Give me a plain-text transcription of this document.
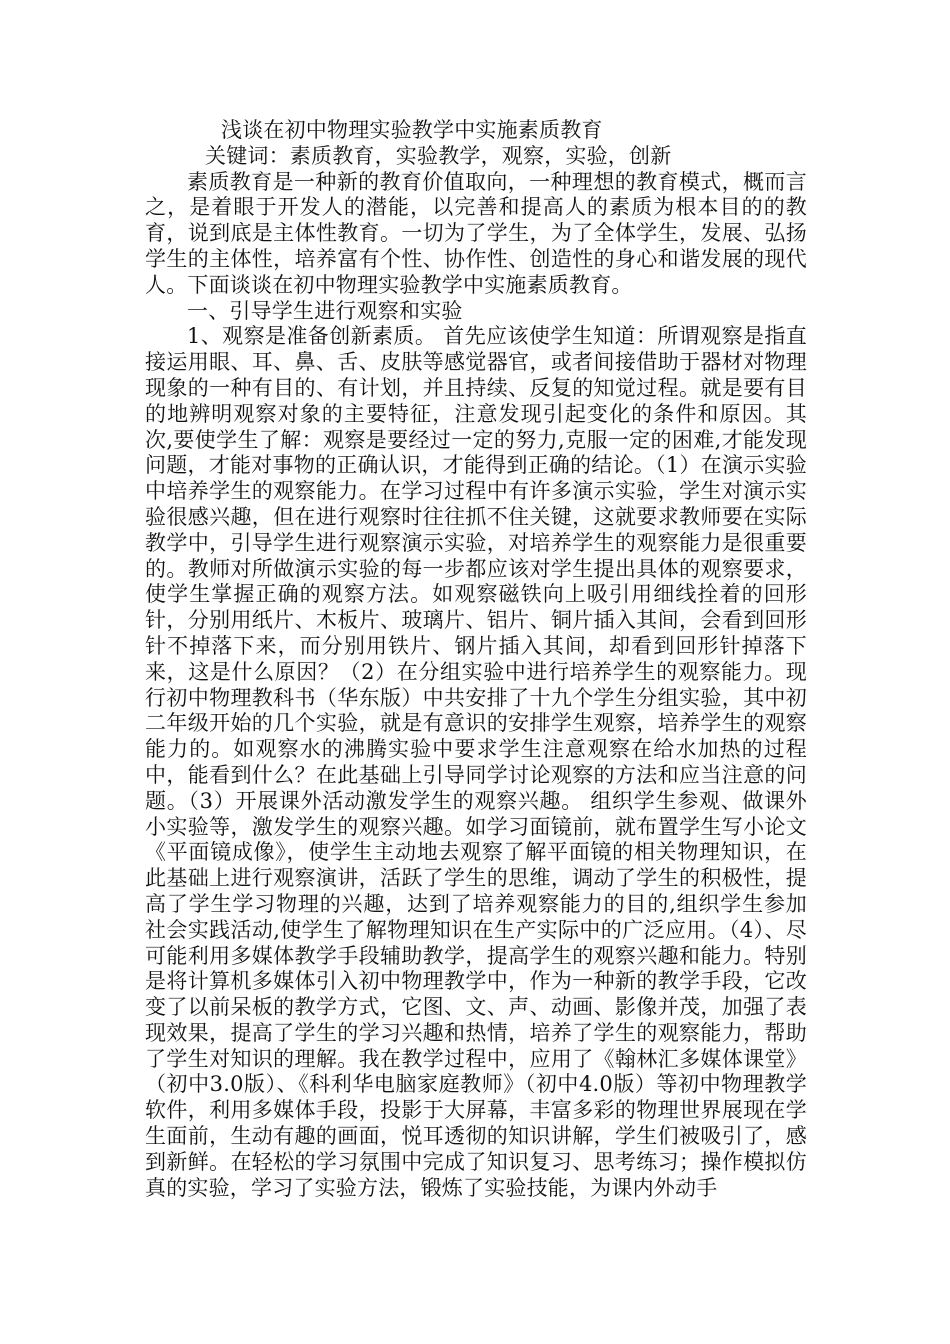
浅谈在初中物理实验教学中实施素质教育

关键词：素质教育，实验教学，观察，实验，创新

素质教育是一种新的教育价值取向，一种理想的教育模式，概而言之，是着眼于开发人的潜能，以完善和提高人的素质为根本目的的教育，说到底是主体性教育。一切为了学生，为了全体学生，发展、弘扬学生的主体性，培养富有个性、协作性、创造性的身心和谐发展的现代人。下面谈谈在初中物理实验教学中实施素质教育。

一、引导学生进行观察和实验

1、观察是准备创新素质。 首先应该使学生知道：所谓观察是指直接运用眼、耳、鼻、舌、皮肤等感觉器官，或者间接借助于器材对物理现象的一种有目的、有计划，并且持续、反复的知觉过程。就是要有目的地辨明观察对象的主要特征，注意发现引起变化的条件和原因。其次,要使学生了解：观察是要经过一定的努力,克服一定的困难,才能发现问题，才能对事物的正确认识，才能得到正确的结论。（1）在演示实验中培养学生的观察能力。在学习过程中有许多演示实验，学生对演示实验很感兴趣，但在进行观察时往往抓不住关键，这就要求教师要在实际教学中，引导学生进行观察演示实验，对培养学生的观察能力是很重要的。教师对所做演示实验的每一步都应该对学生提出具体的观察要求，使学生掌握正确的观察方法。如观察磁铁向上吸引用细线拴着的回形针，分别用纸片、木板片、玻璃片、铝片、铜片插入其间，会看到回形针不掉落下来，而分别用铁片、钢片插入其间，却看到回形针掉落下来，这是什么原因？（2）在分组实验中进行培养学生的观察能力。现行初中物理教科书（华东版）中共安排了十九个学生分组实验，其中初二年级开始的几个实验，就是有意识的安排学生观察，培养学生的观察能力的。如观察水的沸腾实验中要求学生注意观察在给水加热的过程中，能看到什么？在此基础上引导同学讨论观察的方法和应当注意的问题。（3）开展课外活动激发学生的观察兴趣。 组织学生参观、做课外小实验等，激发学生的观察兴趣。如学习面镜前，就布置学生写小论文《平面镜成像》，使学生主动地去观察了解平面镜的相关物理知识，在此基础上进行观察演讲，活跃了学生的思维，调动了学生的积极性，提高了学生学习物理的兴趣，达到了培养观察能力的目的,组织学生参加社会实践活动,使学生了解物理知识在生产实际中的广泛应用。（4）、尽可能利用多媒体教学手段辅助教学，提高学生的观察兴趣和能力。特别是将计算机多媒体引入初中物理教学中，作为一种新的教学手段，它改变了以前呆板的教学方式，它图、文、声、动画、影像并茂，加强了表现效果，提高了学生的学习兴趣和热情，培养了学生的观察能力，帮助了学生对知识的理解。我在教学过程中，应用了《翰林汇多媒体课堂》（初中3.0版）、《科利华电脑家庭教师》（初中4.0版）等初中物理教学软件，利用多媒体手段，投影于大屏幕，丰富多彩的物理世界展现在学生面前，生动有趣的画面，悦耳透彻的知识讲解，学生们被吸引了，感到新鲜。在轻松的学习氛围中完成了知识复习、思考练习；操作模拟仿真的实验，学习了实验方法，锻炼了实验技能，为课内外动手
